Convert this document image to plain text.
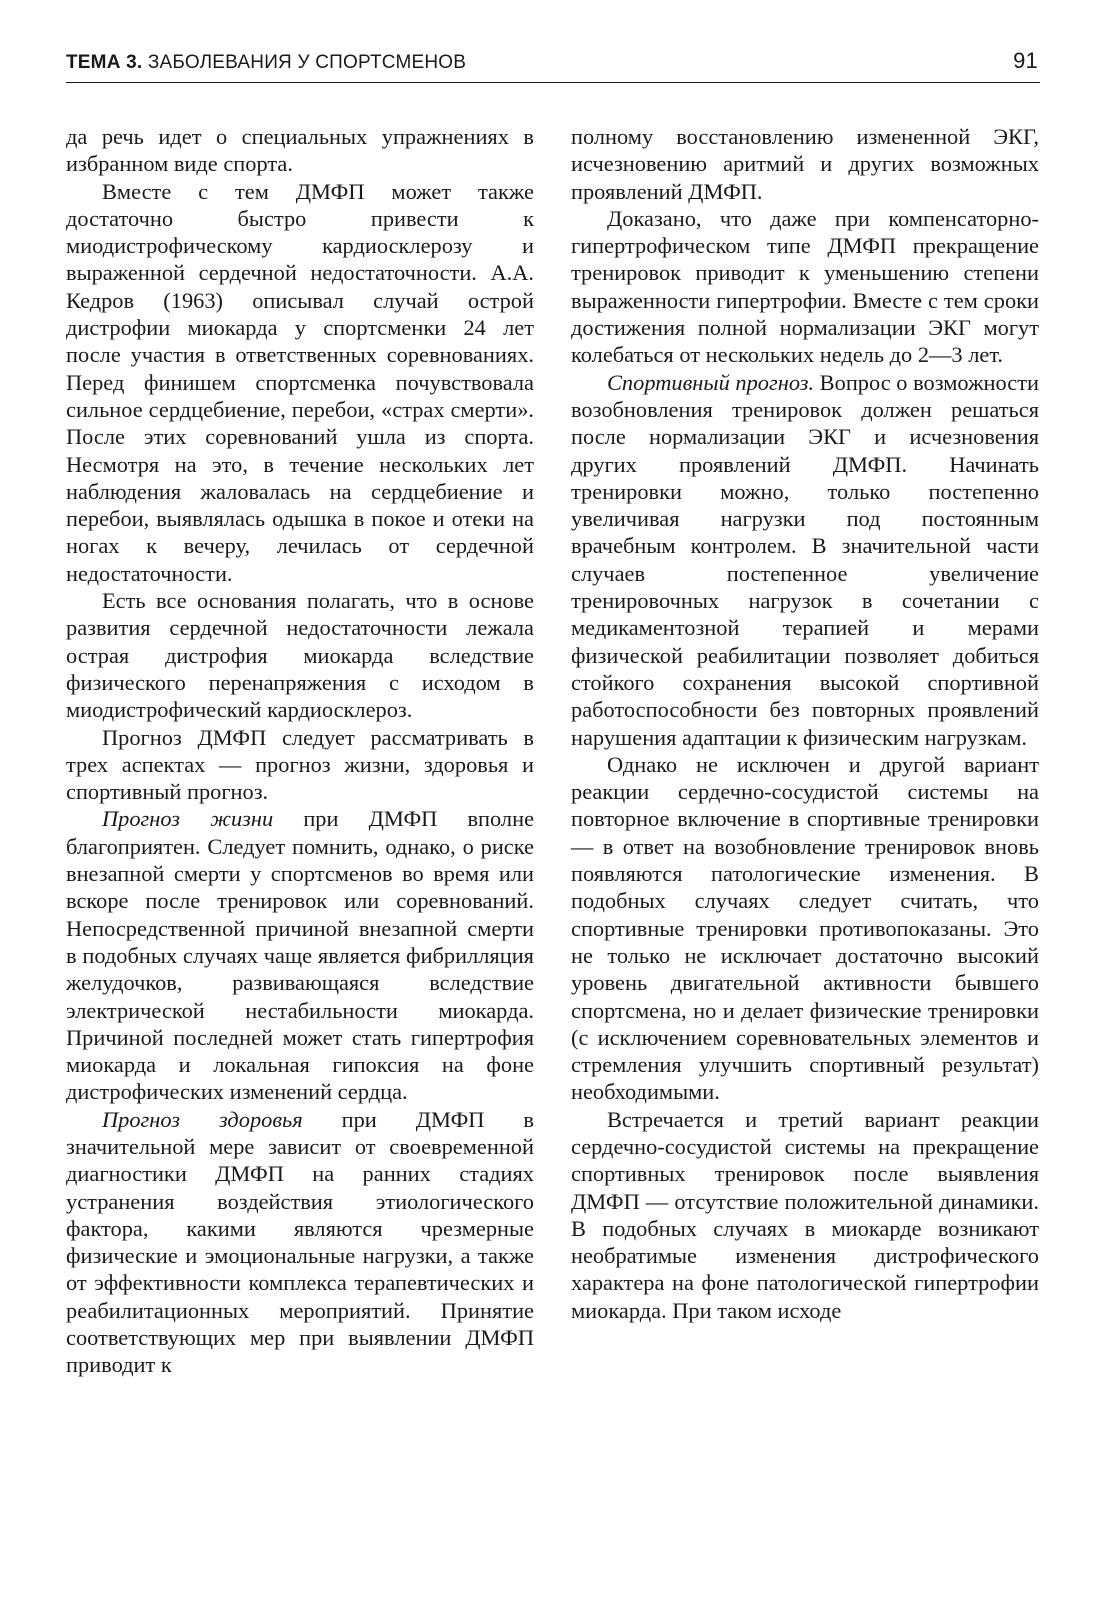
ТЕМА 3. ЗАБОЛЕВАНИЯ У СПОРТСМЕНОВ	91

да речь идет о специальных упражнениях в избранном виде спорта.

Вместе с тем ДМФП может также достаточно быстро привести к миодистрофическому кардиосклерозу и выраженной сердечной недостаточности. А.А. Кедров (1963) описывал случай острой дистрофии миокарда у спортсменки 24 лет после участия в ответственных соревнованиях. Перед финишем спортсменка почувствовала сильное сердцебиение, перебои, «страх смерти». После этих соревнований ушла из спорта. Несмотря на это, в течение нескольких лет наблюдения жаловалась на сердцебиение и перебои, выявлялась одышка в покое и отеки на ногах к вечеру, лечилась от сердечной недостаточности.

Есть все основания полагать, что в основе развития сердечной недостаточности лежала острая дистрофия миокарда вследствие физического перенапряжения с исходом в миодистрофический кардиосклероз.

Прогноз ДМФП следует рассматривать в трех аспектах — прогноз жизни, здоровья и спортивный прогноз.

Прогноз жизни при ДМФП вполне благоприятен. Следует помнить, однако, о риске внезапной смерти у спортсменов во время или вскоре после тренировок или соревнований. Непосредственной причиной внезапной смерти в подобных случаях чаще является фибрилляция желудочков, развивающаяся вследствие электрической нестабильности миокарда. Причиной последней может стать гипертрофия миокарда и локальная гипоксия на фоне дистрофических изменений сердца.

Прогноз здоровья при ДМФП в значительной мере зависит от своевременной диагностики ДМФП на ранних стадиях устранения воздействия этиологического фактора, какими являются чрезмерные физические и эмоциональные нагрузки, а также от эффективности комплекса терапевтических и реабилитационных мероприятий. Принятие соответствующих мер при выявлении ДМФП приводит к

полному восстановлению измененной ЭКГ, исчезновению аритмий и других возможных проявлений ДМФП.

Доказано, что даже при компенсаторно-гипертрофическом типе ДМФП прекращение тренировок приводит к уменьшению степени выраженности гипертрофии. Вместе с тем сроки достижения полной нормализации ЭКГ могут колебаться от нескольких недель до 2—3 лет.

Спортивный прогноз. Вопрос о возможности возобновления тренировок должен решаться после нормализации ЭКГ и исчезновения других проявлений ДМФП. Начинать тренировки можно, только постепенно увеличивая нагрузки под постоянным врачебным контролем. В значительной части случаев постепенное увеличение тренировочных нагрузок в сочетании с медикаментозной терапией и мерами физической реабилитации позволяет добиться стойкого сохранения высокой спортивной работоспособности без повторных проявлений нарушения адаптации к физическим нагрузкам.

Однако не исключен и другой вариант реакции сердечно-сосудистой системы на повторное включение в спортивные тренировки — в ответ на возобновление тренировок вновь появляются патологические изменения. В подобных случаях следует считать, что спортивные тренировки противопоказаны. Это не только не исключает достаточно высокий уровень двигательной активности бывшего спортсмена, но и делает физические тренировки (с исключением соревновательных элементов и стремления улучшить спортивный результат) необходимыми.

Встречается и третий вариант реакции сердечно-сосудистой системы на прекращение спортивных тренировок после выявления ДМФП — отсутствие положительной динамики. В подобных случаях в миокарде возникают необратимые изменения дистрофического характера на фоне патологической гипертрофии миокарда. При таком исходе
